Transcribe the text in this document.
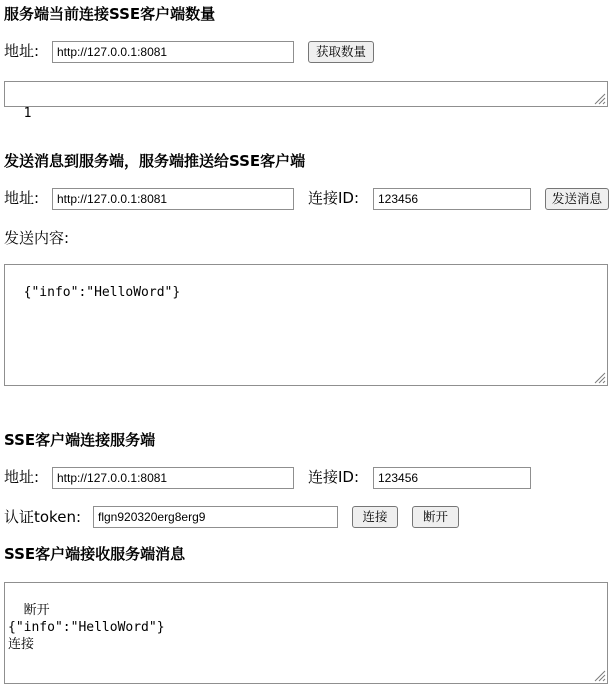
服务端当前连接SSE客户端数量
地址:	http://127.0.0.1:8081	获取数量

1

发送消息到服务端，服务端推送给SSE客户端
地址:	http://127.0.0.1:8081	连接ID:	123456	发送消息
发送内容:

{"info":"HelloWord"}

SSE客户端连接服务端
地址:	http://127.0.0.1:8081	连接ID:	123456
认证token:	flgn920320erg8erg9	连接	断开
SSE客户端接收服务端消息

断开
{"info":"HelloWord"}
连接
